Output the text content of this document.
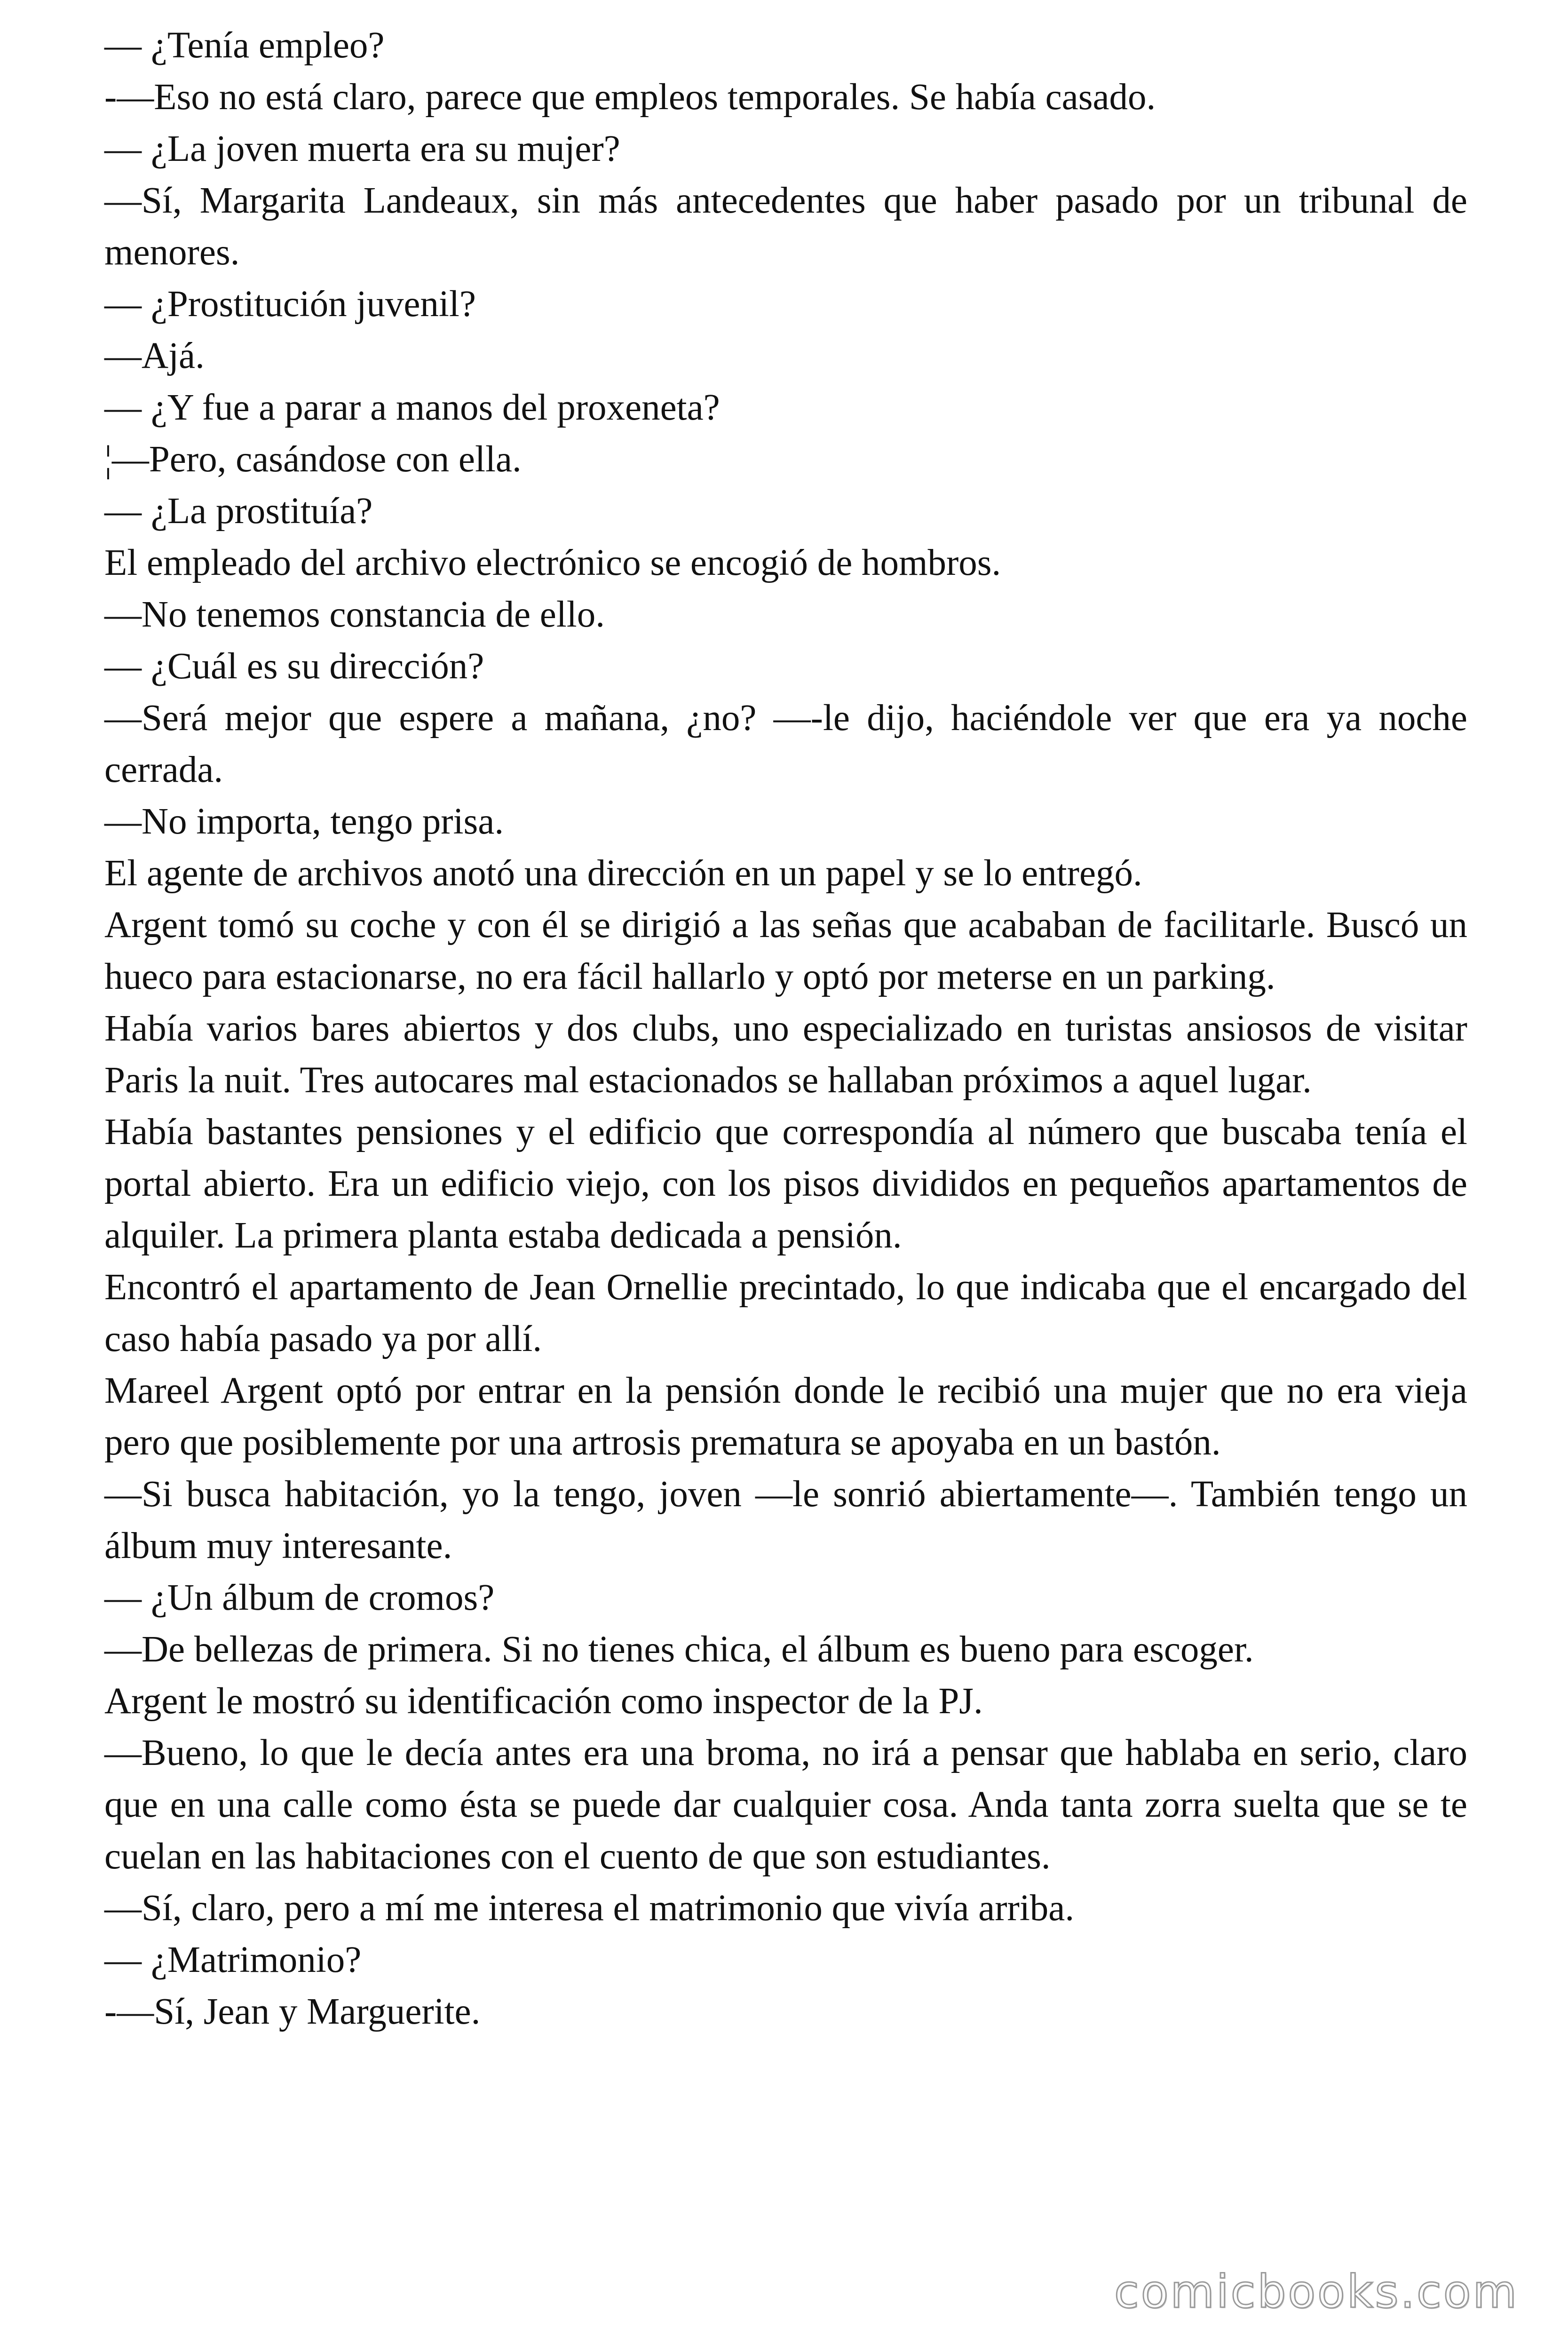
— ¿Tenía empleo?

-—Eso no está claro, parece que empleos temporales. Se había casado.

— ¿La joven muerta era su mujer?

—Sí, Margarita Landeaux, sin más antecedentes que haber pasado por un tribunal de menores.

— ¿Prostitución juvenil?

—Ajá.

— ¿Y fue a parar a manos del proxeneta?

¦—Pero, casándose con ella.

— ¿La prostituía?

El empleado del archivo electrónico se encogió de hombros.

—No tenemos constancia de ello.

— ¿Cuál es su dirección?

—Será mejor que espere a mañana, ¿no? —-le dijo, haciéndole ver que era ya noche cerrada.

—No importa, tengo prisa.

El agente de archivos anotó una dirección en un papel y se lo entregó.

Argent tomó su coche y con él se dirigió a las señas que acababan de facilitarle. Buscó un hueco para estacionarse, no era fácil hallarlo y optó por meterse en un parking.

Había varios bares abiertos y dos clubs, uno especializado en turistas ansiosos de visitar Paris la nuit. Tres autocares mal estacionados se hallaban próximos a aquel lugar.

Había bastantes pensiones y el edificio que correspondía al número que buscaba tenía el portal abierto. Era un edificio viejo, con los pisos divididos en pequeños apartamentos de alquiler. La primera planta estaba dedicada a pensión.

Encontró el apartamento de Jean Ornellie precintado, lo que indicaba que el encargado del caso había pasado ya por allí.

Mareel Argent optó por entrar en la pensión donde le recibió una mujer que no era vieja pero que posiblemente por una artrosis prematura se apoyaba en un bastón.

—Si busca habitación, yo la tengo, joven —le sonrió abiertamente—. También tengo un álbum muy interesante.

— ¿Un álbum de cromos?

—De bellezas de primera. Si no tienes chica, el álbum es bueno para escoger.

Argent le mostró su identificación como inspector de la PJ.

—Bueno, lo que le decía antes era una broma, no irá a pensar que hablaba en serio, claro que en una calle como ésta se puede dar cualquier cosa. Anda tanta zorra suelta que se te cuelan en las habitaciones con el cuento de que son estudiantes.

—Sí, claro, pero a mí me interesa el matrimonio que vivía arriba.

— ¿Matrimonio?

-—Sí, Jean y Marguerite.

comicbooks.com
